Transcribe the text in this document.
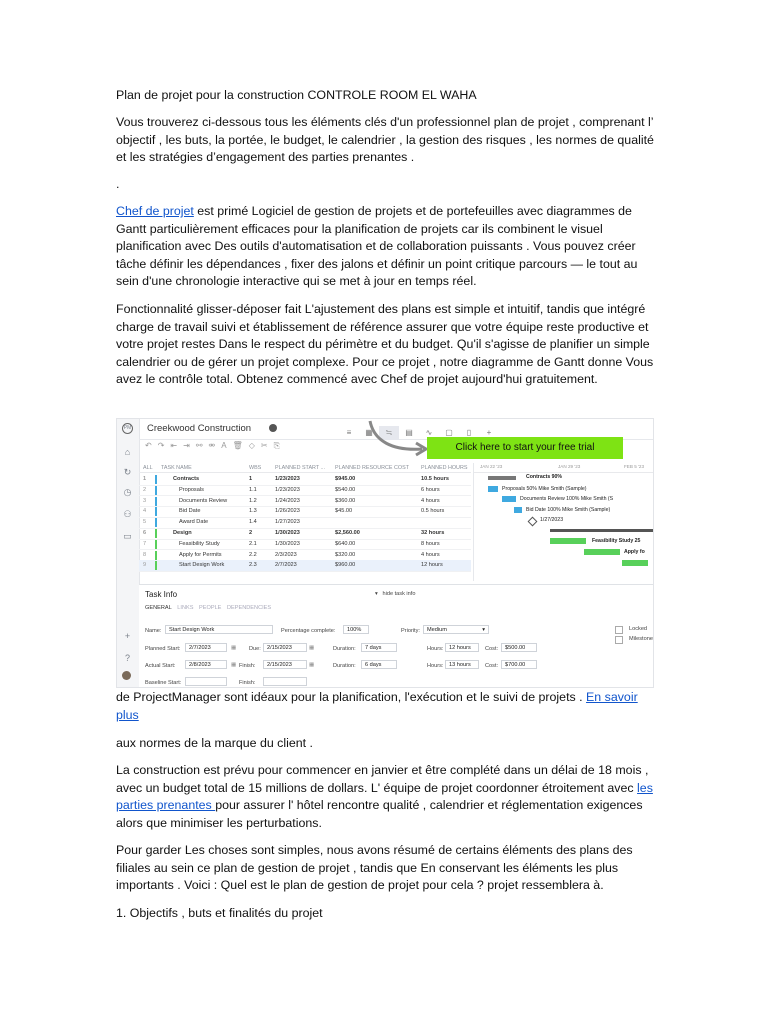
Plan de projet pour la construction CONTROLE ROOM EL WAHA

Vous trouverez ci-dessous tous les éléments clés d'un professionnel plan de projet , comprenant l’ objectif , les buts, la portée, le budget, le calendrier , la gestion des risques , les normes de qualité et les stratégies d’engagement des parties prenantes .

.

Chef de projet est primé Logiciel de gestion de projets et de portefeuilles avec diagrammes de Gantt particulièrement efficaces pour la planification de projets car ils combinent le visuel planification avec Des outils d'automatisation et de collaboration puissants . Vous pouvez créer tâche définir les dépendances , fixer des jalons et définir un point critique parcours — le tout au sein d'une chronologie interactive qui se met à jour en temps réel.

Fonctionnalité glisser-déposer fait L'ajustement des plans est simple et intuitif, tandis que intégré charge de travail suivi et établissement de référence assurer que votre équipe reste productive et votre projet restes Dans le respect du périmètre et du budget. Qu'il s'agisse de planifier un simple calendrier ou de gérer un projet complexe. Pour ce projet , notre diagramme de Gantt donne Vous avez le contrôle total. Obtenez commencé avec Chef de projet aujourd'hui gratuitement.

PM
⌂
↻
◷
⚇
▭
+
?
Creekwood Construction	≡ ▦ ≒ ▤ ∿ ▢ ▯ +
↶ ↷ ⇤ ⇥ ⚯ ⚮ A 🗑 ◇ ✂ ⎘	Click here to start your free trial
ALL TASK NAME	WBS	PLANNED START ... PLANNED RESOURCE COST PLANNED HOURS
1	Contracts	1	1/23/2023	$945.00	10.5 hours
2	Proposals	1.1	1/23/2023	$540.00	6 hours
3	Documents Review	1.2	1/24/2023	$360.00	4 hours
4	Bid Date	1.3	1/26/2023	$45.00	0.5 hours
5	Award Date	1.4	1/27/2023
6	Design	2	1/30/2023	$2,560.00	32 hours
7	Feasibility Study	2.1	1/30/2023	$640.00	8 hours
8	Apply for Permits	2.2	2/3/2023	$320.00	4 hours
9	Start Design Work	2.3	2/7/2023	$960.00	12 hours
JAN 22 '23	JAN 29 '23	FEB 5 '23
Contracts 90%
Proposals 50% Mike Smith (Sample)
Documents Review 100% Mike Smith (S
Bid Date 100% Mike Smith (Sample)
1/27/2023
Feasibility Study 25
Apply fo
Task Info	▾   hide task info
GENERAL LINKS PEOPLE DEPENDENCIES
Name:	Start Design Work	Percentage complete:	100%	Priority:	Medium	▾	Locked
Milestone
Planned Start:	2/7/2023	▦ Due:	2/15/2023	▦	Duration:	7 days	Hours: 12 hours	Cost:	$500.00
Actual Start:	2/8/2023	▦ Finish:	2/15/2023	▦	Duration:	6 days	Hours: 13 hours	Cost:	$700.00
Baseline Start:	Finish:

de ProjectManager sont idéaux pour la planification, l'exécution et le suivi de projets . En savoir plus

aux normes de la marque du client .

La construction est prévu pour commencer en janvier et être complété dans un délai de 18 mois , avec un budget total de 15 millions de dollars. L' équipe de projet coordonner étroitement avec les parties prenantes pour assurer l' hôtel rencontre qualité , calendrier et réglementation exigences alors que minimiser les perturbations.

Pour garder Les choses sont simples, nous avons résumé de certains éléments des plans des filiales au sein ce plan de gestion de projet , tandis que En conservant les éléments les plus importants . Voici : Quel est le plan de gestion de projet pour cela ? projet ressemblera à.

1. Objectifs , buts et finalités du projet
